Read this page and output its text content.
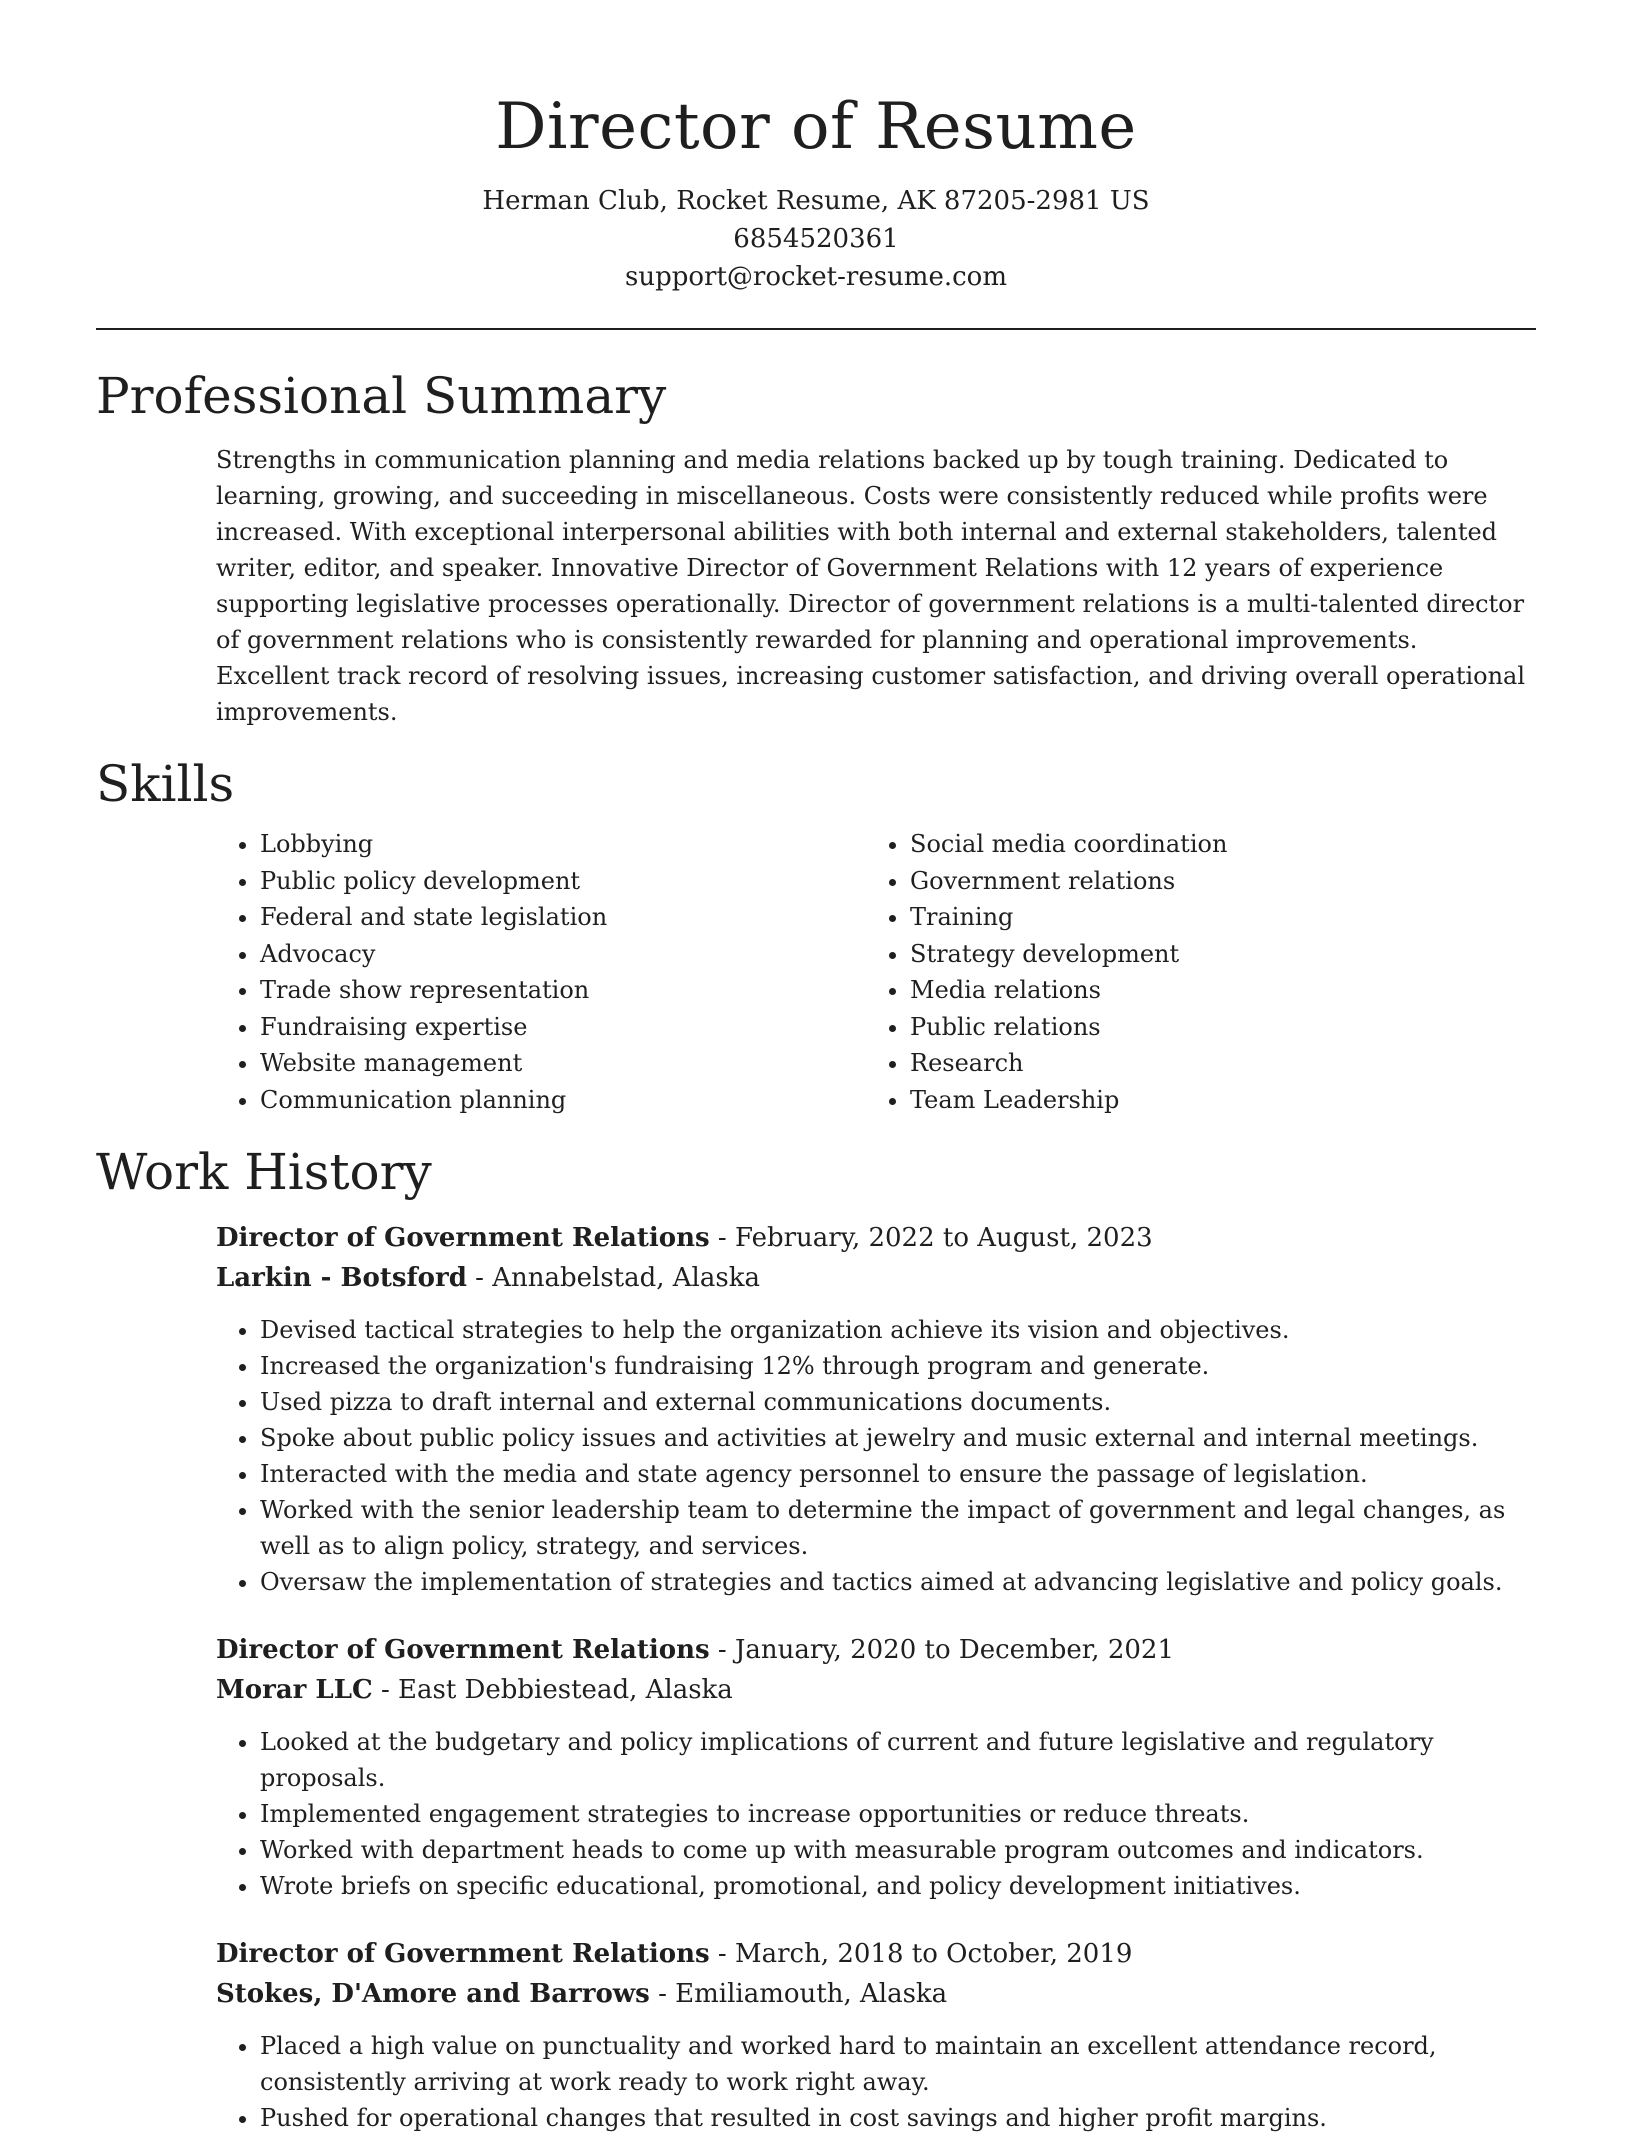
Director of Resume
Herman Club, Rocket Resume, AK 87205-2981 US
6854520361
support@rocket-resume.com
Professional Summary

Strengths in communication planning and media relations backed up by tough training. Dedicated to learning, growing, and succeeding in miscellaneous. Costs were consistently reduced while profits were increased. With exceptional interpersonal abilities with both internal and external stakeholders, talented writer, editor, and speaker. Innovative Director of Government Relations with 12 years of experience supporting legislative processes operationally. Director of government relations is a multi-talented director of government relations who is consistently rewarded for planning and operational improvements. Excellent track record of resolving issues, increasing customer satisfaction, and driving overall operational improvements.

Skills
• Lobbying
• Public policy development
• Federal and state legislation
• Advocacy
• Trade show representation
• Fundraising expertise
• Website management
• Communication planning
• Social media coordination
• Government relations
• Training
• Strategy development
• Media relations
• Public relations
• Research
• Team Leadership
Work History
Director of Government Relations - February, 2022 to August, 2023
Larkin - Botsford - Annabelstad, Alaska
• Devised tactical strategies to help the organization achieve its vision and objectives.
• Increased the organization's fundraising 12% through program and generate.
• Used pizza to draft internal and external communications documents.
• Spoke about public policy issues and activities at jewelry and music external and internal meetings.
• Interacted with the media and state agency personnel to ensure the passage of legislation.
• Worked with the senior leadership team to determine the impact of government and legal changes, as well as to align policy, strategy, and services.
• Oversaw the implementation of strategies and tactics aimed at advancing legislative and policy goals.
Director of Government Relations - January, 2020 to December, 2021
Morar LLC - East Debbiestead, Alaska
• Looked at the budgetary and policy implications of current and future legislative and regulatory proposals.
• Implemented engagement strategies to increase opportunities or reduce threats.
• Worked with department heads to come up with measurable program outcomes and indicators.
• Wrote briefs on specific educational, promotional, and policy development initiatives.
Director of Government Relations - March, 2018 to October, 2019
Stokes, D'Amore and Barrows - Emiliamouth, Alaska
• Placed a high value on punctuality and worked hard to maintain an excellent attendance record, consistently arriving at work ready to work right away.
• Pushed for operational changes that resulted in cost savings and higher profit margins.
